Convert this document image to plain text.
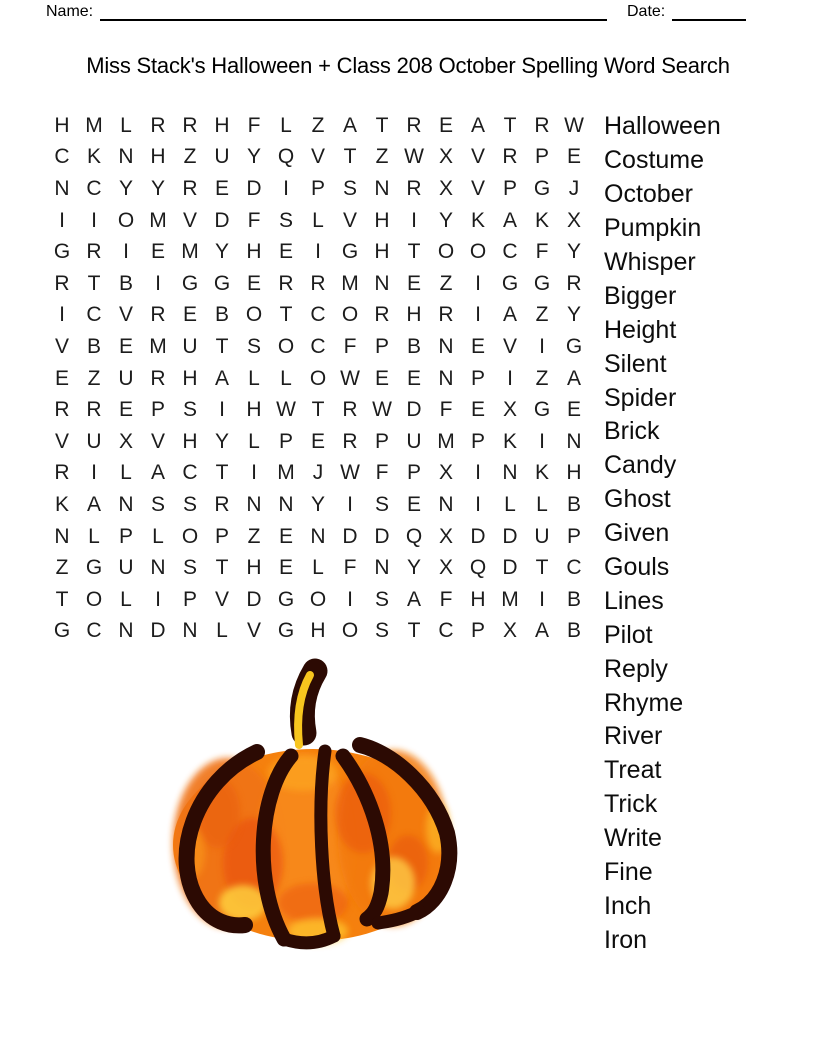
Name:	Date:
Miss Stack's Halloween + Class 208 October Spelling Word Search
H M L R R H F L Z A T R E A T R W
C K N H Z U Y Q V T Z W X V R P E
N C Y Y R E D	I	P S N R X V P G J
I	I O M V D F S L V H	I	Y K A K X
G R	I	E M Y H E	I G H T O O C F Y
R T B	I G G E R R M N E Z	I G G R
I	C V R E B O T C O R H R	I	A Z Y
V B E M U T S O C F P B N E V	I G
E Z U R H A L L O W E E N P	I	Z A
R R E P S	I	H W T R W D F E X G E
V U X V H Y L P E R P U M P K	I	N
R	I	L A C T	I M J W F P X	I	N K H
K A N S S R N N Y	I	S E N	I	L L B
N L P L O P Z E N D D Q X D D U P
Z G U N S T H E L F N Y X Q D T C
T O L	I	P V D G O I	S A F H M I	B
G C N D N L V G H O S T C P X A B
Halloween
Costume
October
Pumpkin
Whisper
Bigger
Height
Silent
Spider
Brick
Candy
Ghost
Given
Gouls
Lines
Pilot
Reply
Rhyme
River
Treat
Trick
Write
Fine
Inch
Iron
